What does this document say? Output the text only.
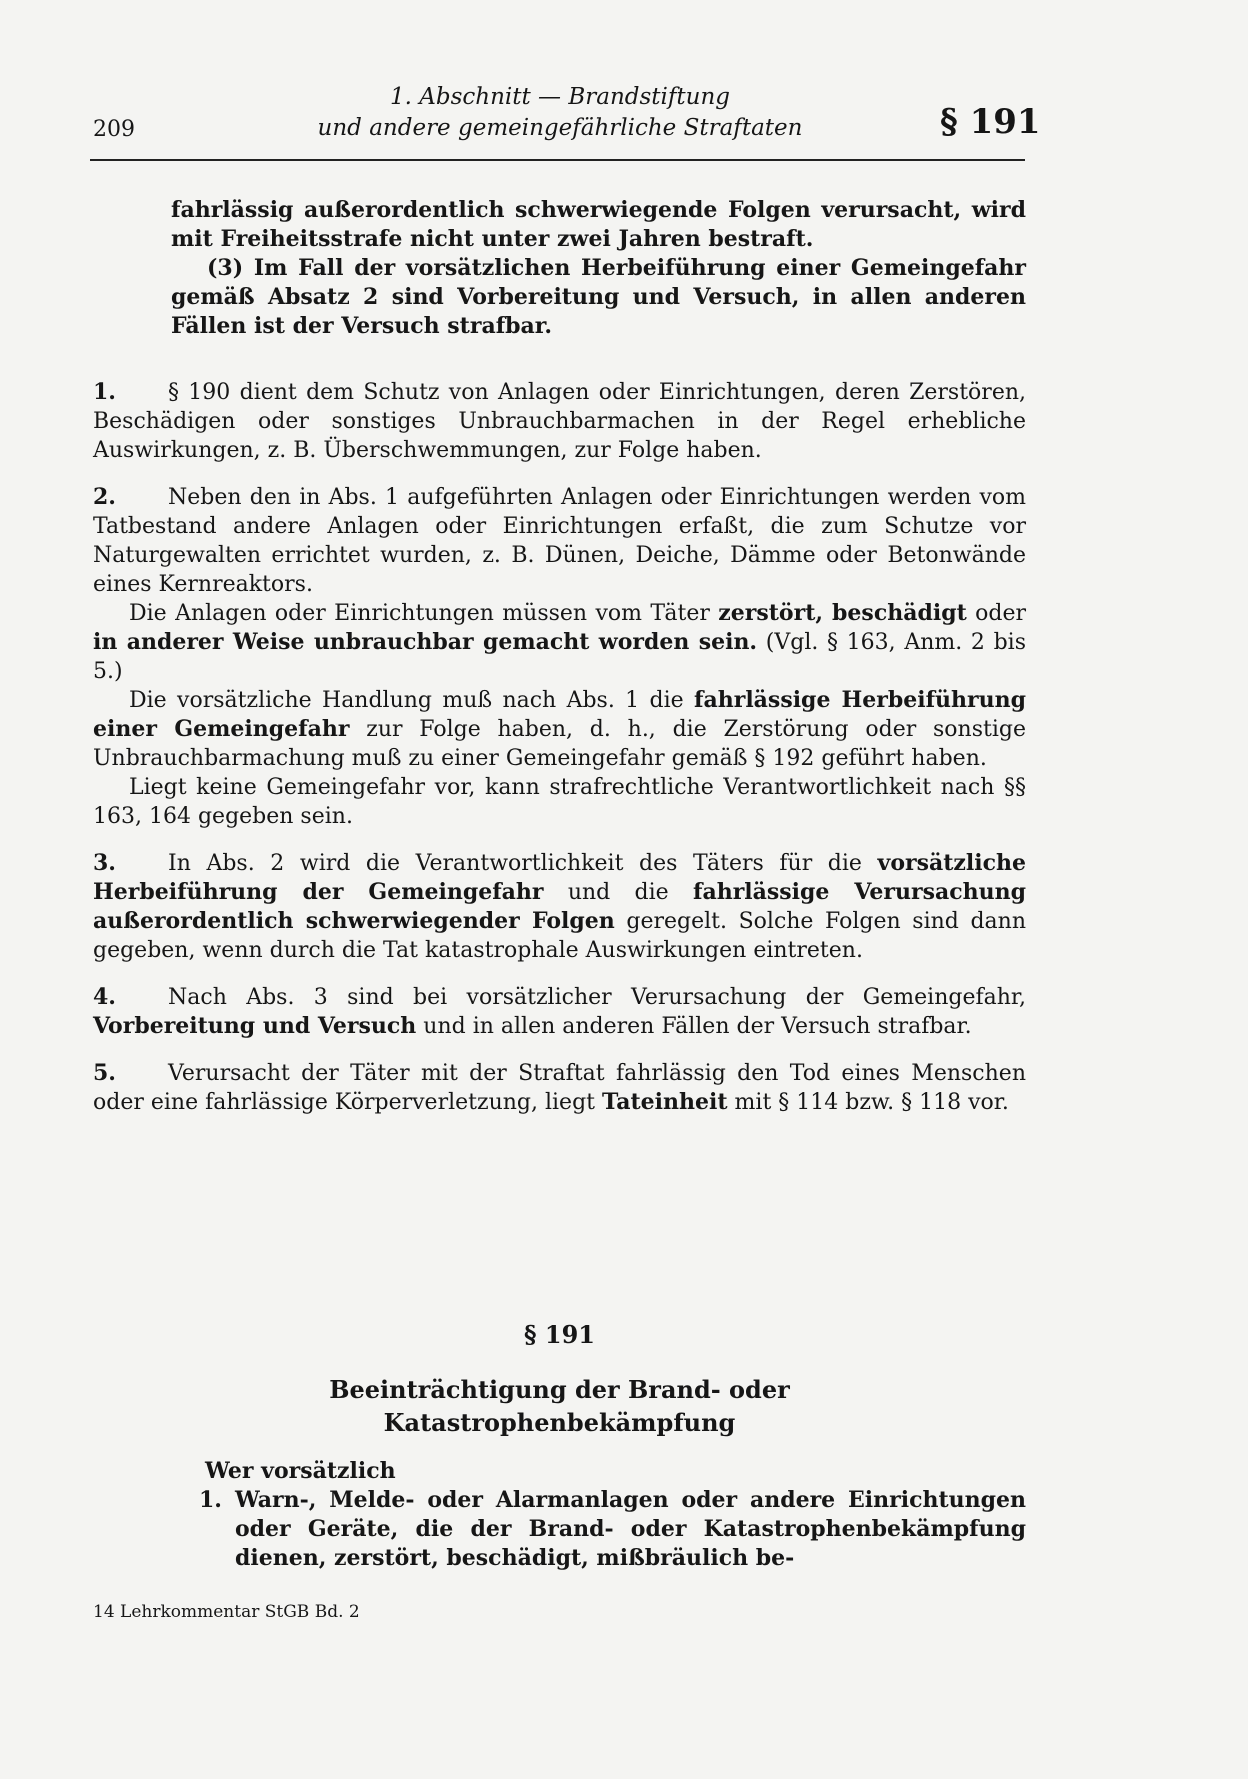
209
1. Abschnitt — Brandstiftung
und andere gemeingefährliche Straftaten	§ 191

fahrlässig außerordentlich schwerwiegende Folgen verursacht, wird mit Freiheitsstrafe nicht unter zwei Jahren bestraft.

(3) Im Fall der vorsätzlichen Herbeiführung einer Gemeingefahr gemäß Absatz 2 sind Vorbereitung und Versuch, in allen anderen Fällen ist der Versuch strafbar.

1. § 190 dient dem Schutz von Anlagen oder Einrichtungen, deren Zerstören, Beschädigen oder sonstiges Unbrauchbarmachen in der Regel erhebliche Auswirkungen, z. B. Überschwemmungen, zur Folge haben.

2. Neben den in Abs. 1 aufgeführten Anlagen oder Einrichtungen werden vom Tatbestand andere Anlagen oder Einrichtungen erfaßt, die zum Schutze vor Naturgewalten errichtet wurden, z. B. Dünen, Deiche, Dämme oder Betonwände eines Kernreaktors.

Die Anlagen oder Einrichtungen müssen vom Täter zerstört, beschädigt oder in anderer Weise unbrauchbar gemacht worden sein. (Vgl. § 163, Anm. 2 bis 5.)

Die vorsätzliche Handlung muß nach Abs. 1 die fahrlässige Herbeiführung einer Gemeingefahr zur Folge haben, d. h., die Zerstörung oder sonstige Unbrauchbarmachung muß zu einer Gemeingefahr gemäß § 192 geführt haben.

Liegt keine Gemeingefahr vor, kann strafrechtliche Verantwortlichkeit nach §§ 163, 164 gegeben sein.

3. In Abs. 2 wird die Verantwortlichkeit des Täters für die vorsätzliche Herbeiführung der Gemeingefahr und die fahrlässige Verursachung außerordentlich schwerwiegender Folgen geregelt. Solche Folgen sind dann gegeben, wenn durch die Tat katastrophale Auswirkungen eintreten.

4. Nach Abs. 3 sind bei vorsätzlicher Verursachung der Gemeingefahr, Vorbereitung und Versuch und in allen anderen Fällen der Versuch strafbar.

5. Verursacht der Täter mit der Straftat fahrlässig den Tod eines Menschen oder eine fahrlässige Körperverletzung, liegt Tateinheit mit § 114 bzw. § 118 vor.

§ 191

Beeinträchtigung der Brand- oder

Katastrophenbekämpfung

Wer vorsätzlich

1. Warn-, Melde- oder Alarmanlagen oder andere Einrichtungen oder Geräte, die der Brand- oder Katastrophenbekämpfung dienen, zerstört, beschädigt, mißbräulich be-

14 Lehrkommentar StGB Bd. 2
